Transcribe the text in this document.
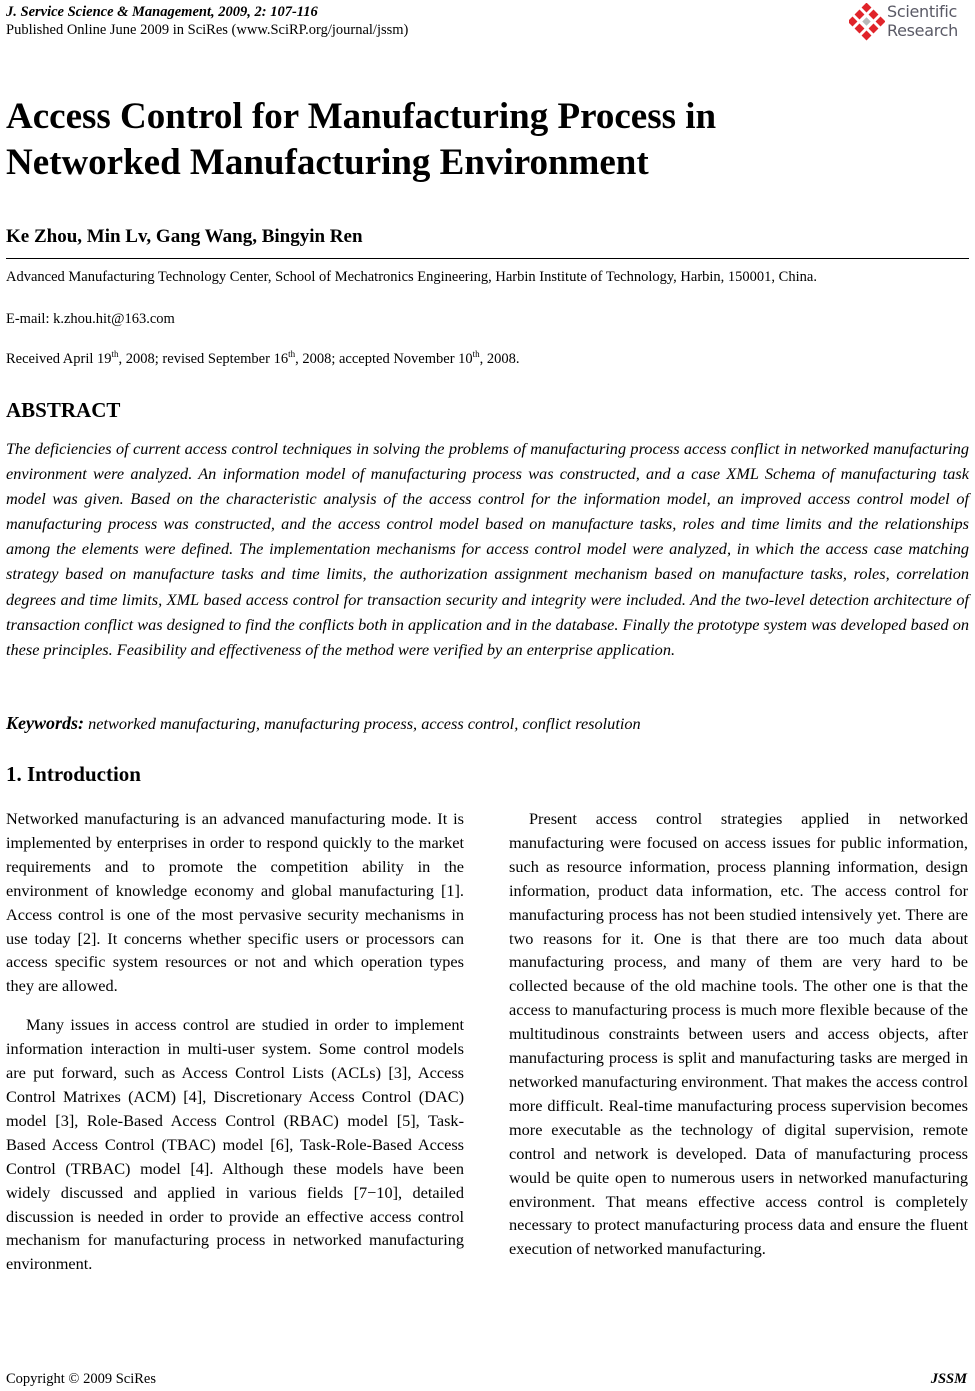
J. Service Science & Management, 2009, 2: 107-116
Published Online June 2009 in SciRes (www.SciRP.org/journal/jssm)
Scientific
Research
Access Control for Manufacturing Process in
Networked Manufacturing Environment
Ke Zhou, Min Lv, Gang Wang, Bingyin Ren
Advanced Manufacturing Technology Center, School of Mechatronics Engineering, Harbin Institute of Technology, Harbin, 150001, China.
E-mail: k.zhou.hit@163.com
Received April 19th, 2008; revised September 16th, 2008; accepted November 10th, 2008.
ABSTRACT
The deficiencies of current access control techniques in solving the problems of manufacturing process access conflict in networked manufacturing environment were analyzed. An information model of manufacturing process was constructed, and a case XML Schema of manufacturing task model was given. Based on the characteristic analysis of the access control for the information model, an improved access control model of manufacturing process was constructed, and the access control model based on manufacture tasks, roles and time limits and the relationships among the elements were defined. The implementation mechanisms for access control model were analyzed, in which the access case matching strategy based on manufacture tasks and time limits, the authorization assignment mechanism based on manufacture tasks, roles, correlation degrees and time limits, XML based access control for transaction security and integrity were included. And the two-level detection architecture of transaction conflict was designed to find the conflicts both in application and in the database. Finally the prototype system was developed based on these principles. Feasibility and effectiveness of the method were verified by an enterprise application.
Keywords: networked manufacturing, manufacturing process, access control, conflict resolution
1. Introduction

Networked manufacturing is an advanced manufacturing mode. It is implemented by enterprises in order to respond quickly to the market requirements and to promote the competition ability in the environment of knowledge economy and global manufacturing [1]. Access control is one of the most pervasive security mechanisms in use today [2]. It concerns whether specific users or processors can access specific system resources or not and which operation types they are allowed.

Many issues in access control are studied in order to implement information interaction in multi-user system. Some control models are put forward, such as Access Control Lists (ACLs) [3], Access Control Matrixes (ACM) [4], Discretionary Access Control (DAC) model [3], Role-Based Access Control (RBAC) model [5], Task-Based Access Control (TBAC) model [6], Task-Role-Based Access Control (TRBAC) model [4]. Although these models have been widely discussed and applied in various fields [7−10], detailed discussion is needed in order to provide an effective access control mechanism for manufacturing process in networked manufacturing environment.

Present access control strategies applied in networked manufacturing were focused on access issues for public information, such as resource information, process planning information, design information, product data information, etc. The access control for manufacturing process has not been studied intensively yet. There are two reasons for it. One is that there are too much data about manufacturing process, and many of them are very hard to be collected because of the old machine tools. The other one is that the access to manufacturing process is much more flexible because of the multitudinous constraints between users and access objects, after manufacturing process is split and manufacturing tasks are merged in networked manufacturing environment. That makes the access control more difficult. Real-time manufacturing process supervision becomes more executable as the technology of digital supervision, remote control and network is developed. Data of manufacturing process would be quite open to numerous users in networked manufacturing environment. That means effective access control is completely necessary to protect manufacturing process data and ensure the fluent execution of networked manufacturing.

Copyright © 2009 SciRes	JSSM
